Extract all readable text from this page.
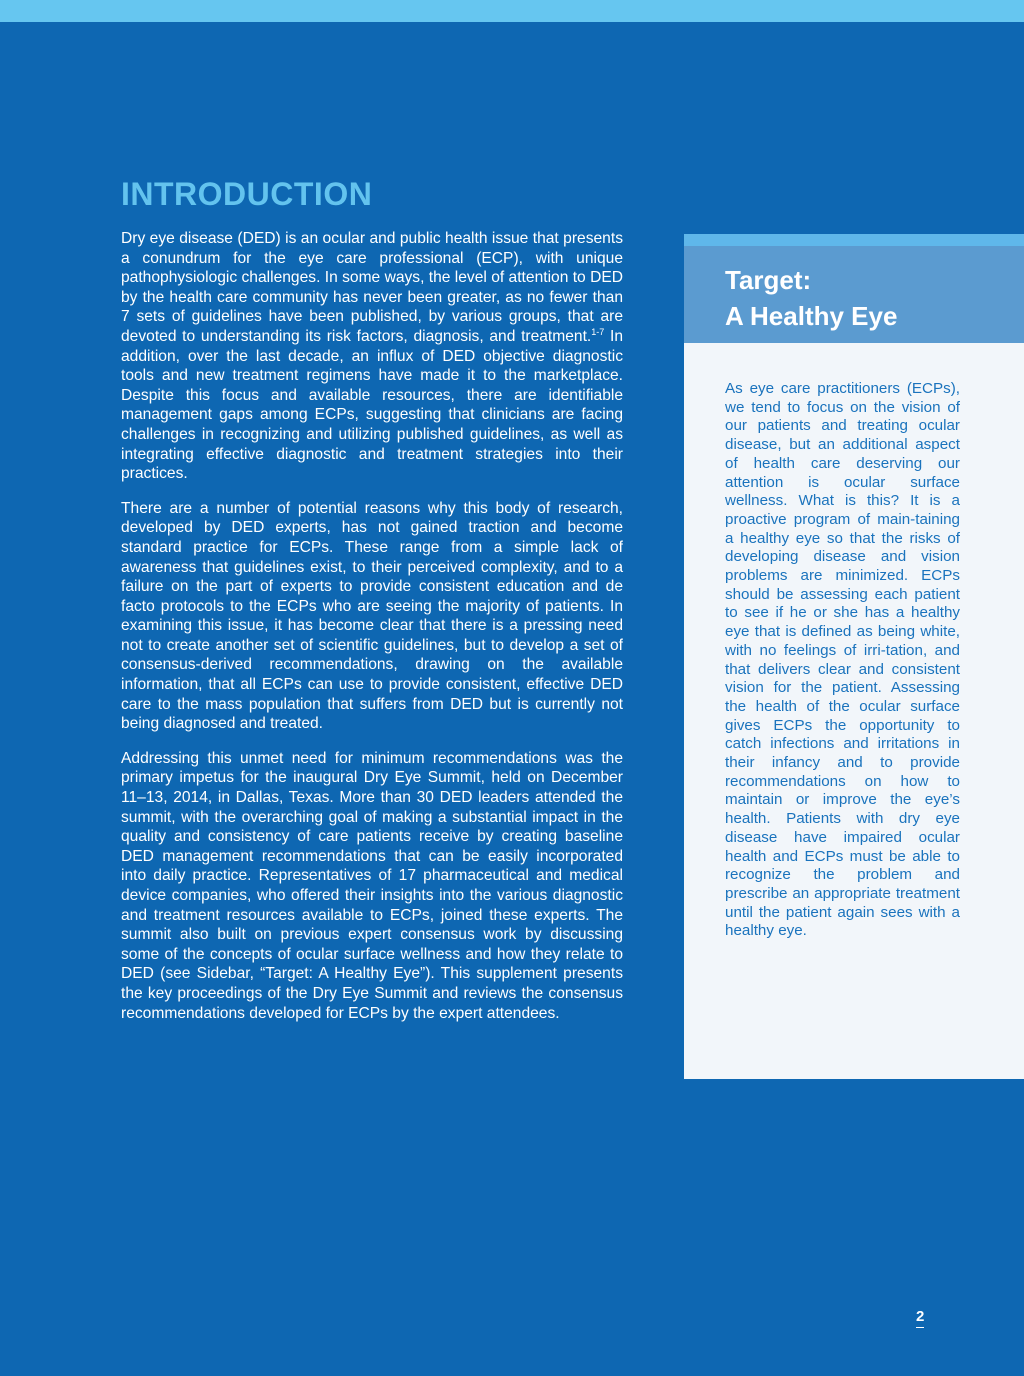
INTRODUCTION

Dry eye disease (DED) is an ocular and public health issue that presents a conundrum for the eye care professional (ECP), with unique pathophysiologic challenges. In some ways, the level of attention to DED by the health care community has never been greater, as no fewer than 7 sets of guidelines have been published, by various groups, that are devoted to understanding its risk factors, diagnosis, and treatment.$^{1-7}$ In addition, over the last decade, an influx of DED objective diagnostic tools and new treatment regimens have made it to the marketplace. Despite this focus and available resources, there are identifiable management gaps among ECPs, suggesting that clinicians are facing challenges in recognizing and utilizing published guidelines, as well as integrating effective diagnostic and treatment strategies into their practices.

There are a number of potential reasons why this body of research, developed by DED experts, has not gained traction and become standard practice for ECPs. These range from a simple lack of awareness that guidelines exist, to their perceived complexity, and to a failure on the part of experts to provide consistent education and de facto protocols to the ECPs who are seeing the majority of patients. In examining this issue, it has become clear that there is a pressing need not to create another set of scientific guidelines, but to develop a set of consensus-derived recommendations, drawing on the available information, that all ECPs can use to provide consistent, effective DED care to the mass population that suffers from DED but is currently not being diagnosed and treated.

Addressing this unmet need for minimum recommendations was the primary impetus for the inaugural Dry Eye Summit, held on December 11–13, 2014, in Dallas, Texas. More than 30 DED leaders attended the summit, with the overarching goal of making a substantial impact in the quality and consistency of care patients receive by creating baseline DED management recommendations that can be easily incorporated into daily practice. Representatives of 17 pharmaceutical and medical device companies, who offered their insights into the various diagnostic and treatment resources available to ECPs, joined these experts. The summit also built on previous expert consensus work by discussing some of the concepts of ocular surface wellness and how they relate to DED (see Sidebar, “Target: A Healthy Eye”). This supplement presents the key proceedings of the Dry Eye Summit and reviews the consensus recommendations developed for ECPs by the expert attendees.

Target:
A Healthy Eye

As eye care practitioners (ECPs), we tend to focus on the vision of our patients and treating ocular disease, but an additional aspect of health care deserving our attention is ocular surface wellness. What is this? It is a proactive program of main-taining a healthy eye so that the risks of developing disease and vision problems are minimized. ECPs should be assessing each patient to see if he or she has a healthy eye that is defined as being white, with no feelings of irri-tation, and that delivers clear and consistent vision for the patient. Assessing the health of the ocular surface gives ECPs the opportunity to catch infections and irritations in their infancy and to provide recommendations on how to maintain or improve the eye’s health. Patients with dry eye disease have impaired ocular health and ECPs must be able to recognize the problem and prescribe an appropriate treatment until the patient again sees with a healthy eye.

2
